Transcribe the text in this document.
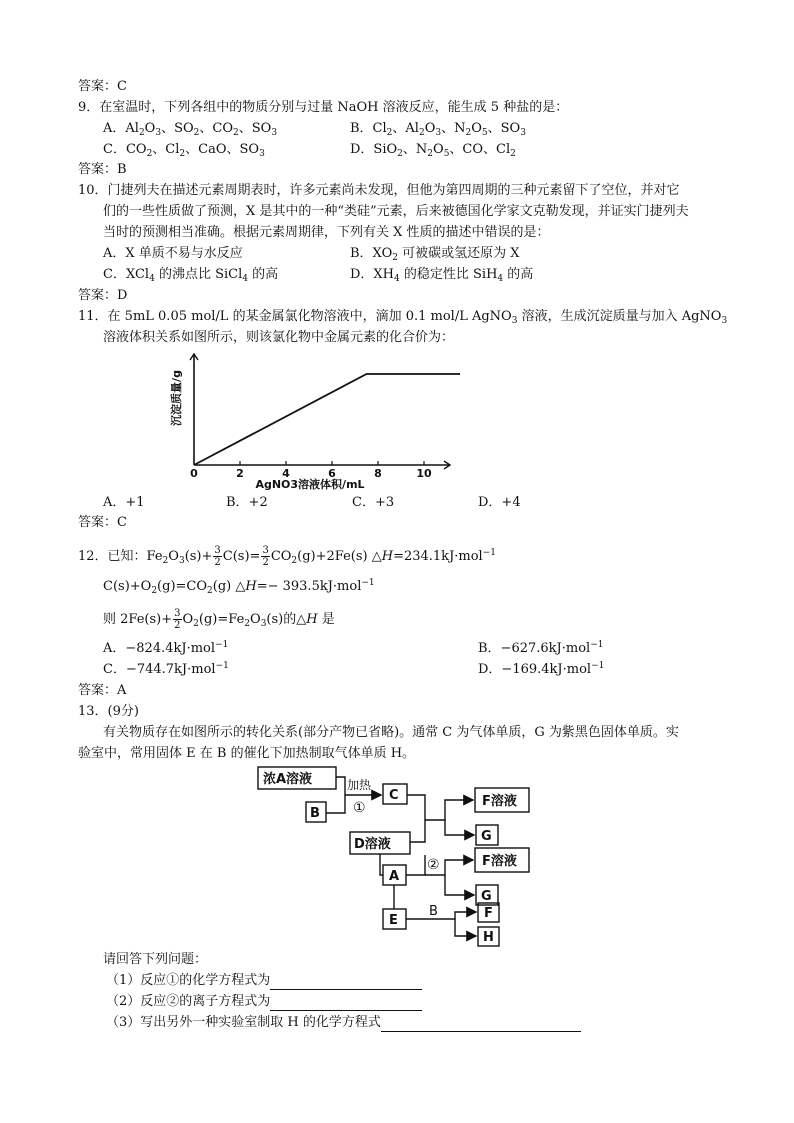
答案：C
9．在室温时，下列各组中的物质分别与过量 NaOH 溶液反应，能生成 5 种盐的是：
A．$Al_2O_3$、$SO_2$、$CO_2$、$SO_3$	B．$Cl_2$、$Al_2O_3$、$N_2O_5$、$SO_3$
C．$CO_2$、$Cl_2$、CaO、$SO_3$	D．SiO$_2$、$N_2O_5$、CO、$Cl_2$
答案：B
10．门捷列夫在描述元素周期表时，许多元素尚未发现，但他为第四周期的三种元素留下了空位，并对它
们的一些性质做了预测，X 是其中的一种“类硅”元素，后来被德国化学家文克勒发现，并证实门捷列夫
当时的预测相当准确。根据元素周期律，下列有关 X 性质的描述中错误的是：
A．X 单质不易与水反应	B．$XO_2$ 可被碳或氢还原为 X
C．XCl$_4$ 的沸点比 SiCl$_4$ 的高	D．$XH_4$ 的稳定性比 SiH$_4$ 的高
答案：D
11．在 5mL 0.05 mol/L 的某金属氯化物溶液中，滴加 0.1 mol/L AgNO$_3$ 溶液，生成沉淀质量与加入 AgNO$_3$
溶液体积关系如图所示，则该氯化物中金属元素的化合价为：
0	2	4	6	8	10
AgNO3溶液体积/mL
沉淀质量/g
A．+1	B．+2	C．+3	D．+4
答案：C
12．已知：$Fe_2O_3(s)+ \frac{3}{2} C(s)= \frac{3}{2} CO_2(g)+2Fe(s)$ △H=234.1kJ·mol$^{-1}$
$C(s)+O_2(g)=CO_2(g)$ △H=− 393.5kJ·mol$^{-1}$
则 $2Fe(s)+ \frac{3}{2} O_2(g)=Fe_2O_3(s)$的△H 是
A．−824.4kJ·mol$^{-1}$	B．−627.6kJ·mol$^{-1}$
C．−744.7kJ·mol$^{-1}$	D．−169.4kJ·mol$^{-1}$
答案：A
13．(9分)
有关物质存在如图所示的转化关系(部分产物已省略)。通常 C 为气体单质，G 为紫黑色固体单质。实
验室中，常用固体 E 在 B 的催化下加热制取气体单质 H。
浓A溶液
B
加热
①
C	F溶液
G
D溶液
②	F溶液
A
G
F
E
B
H
请回答下列问题：
（1）反应①的化学方程式为
（2）反应②的离子方程式为
（3）写出另外一种实验室制取 H 的化学方程式
